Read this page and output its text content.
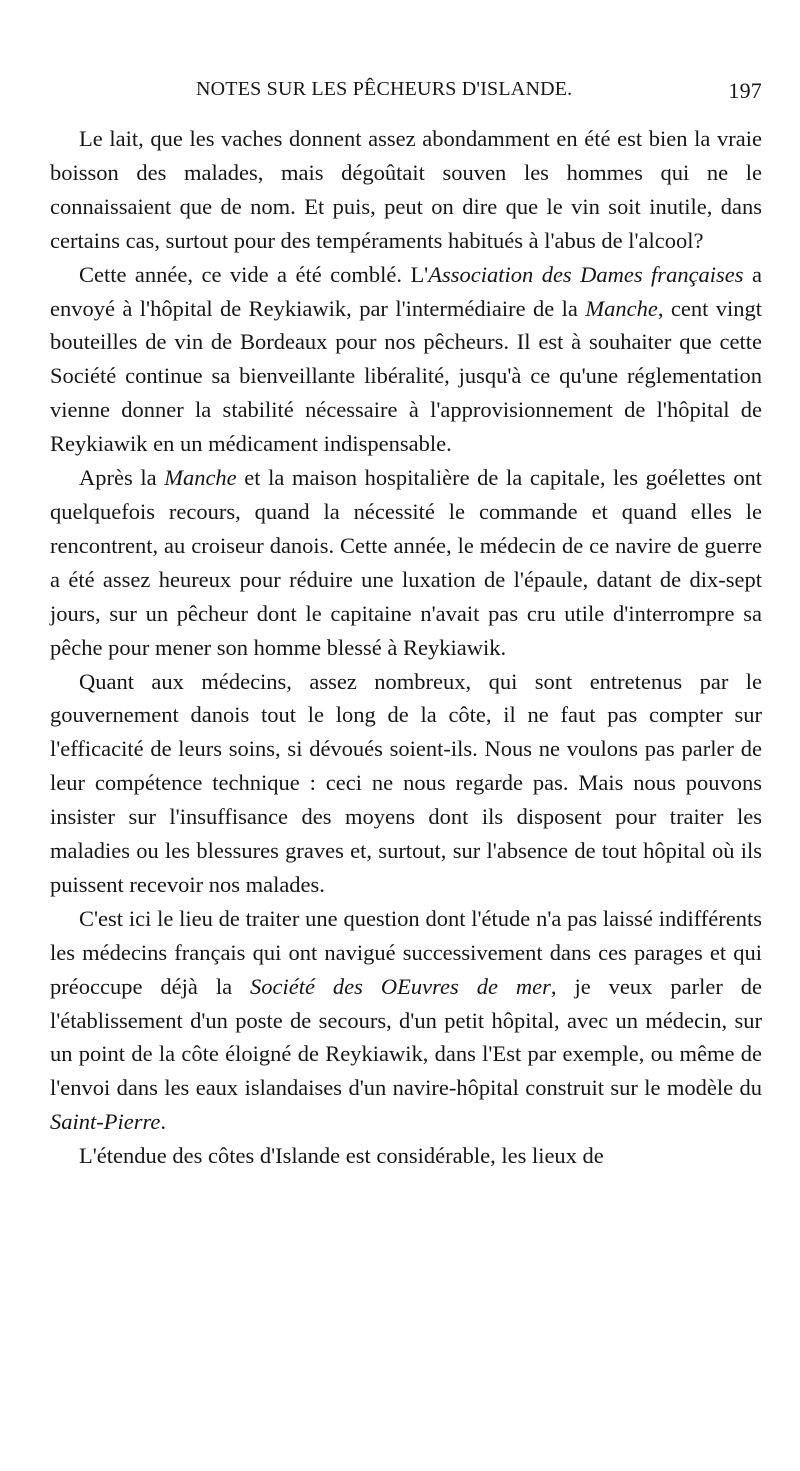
NOTES SUR LES PÊCHEURS D'ISLANDE.	197

Le lait, que les vaches donnent assez abondamment en été est bien la vraie boisson des malades, mais dégoûtait souven les hommes qui ne le connaissaient que de nom. Et puis, peut on dire que le vin soit inutile, dans certains cas, surtout pour des tempéraments habitués à l'abus de l'alcool?

Cette année, ce vide a été comblé. L'Association des Dames françaises a envoyé à l'hôpital de Reykiawik, par l'intermédiaire de la Manche, cent vingt bouteilles de vin de Bordeaux pour nos pêcheurs. Il est à souhaiter que cette Société continue sa bienveillante libéralité, jusqu'à ce qu'une réglementation vienne donner la stabilité nécessaire à l'approvisionnement de l'hôpital de Reykiawik en un médicament indispensable.

Après la Manche et la maison hospitalière de la capitale, les goélettes ont quelquefois recours, quand la nécessité le commande et quand elles le rencontrent, au croiseur danois. Cette année, le médecin de ce navire de guerre a été assez heureux pour réduire une luxation de l'épaule, datant de dix-sept jours, sur un pêcheur dont le capitaine n'avait pas cru utile d'interrompre sa pêche pour mener son homme blessé à Reykiawik.

Quant aux médecins, assez nombreux, qui sont entretenus par le gouvernement danois tout le long de la côte, il ne faut pas compter sur l'efficacité de leurs soins, si dévoués soient-ils. Nous ne voulons pas parler de leur compétence technique : ceci ne nous regarde pas. Mais nous pouvons insister sur l'insuffisance des moyens dont ils disposent pour traiter les maladies ou les blessures graves et, surtout, sur l'absence de tout hôpital où ils puissent recevoir nos malades.

C'est ici le lieu de traiter une question dont l'étude n'a pas laissé indifférents les médecins français qui ont navigué successivement dans ces parages et qui préoccupe déjà la Société des OEuvres de mer, je veux parler de l'établissement d'un poste de secours, d'un petit hôpital, avec un médecin, sur un point de la côte éloigné de Reykiawik, dans l'Est par exemple, ou même de l'envoi dans les eaux islandaises d'un navire-hôpital construit sur le modèle du Saint-Pierre.

L'étendue des côtes d'Islande est considérable, les lieux de
